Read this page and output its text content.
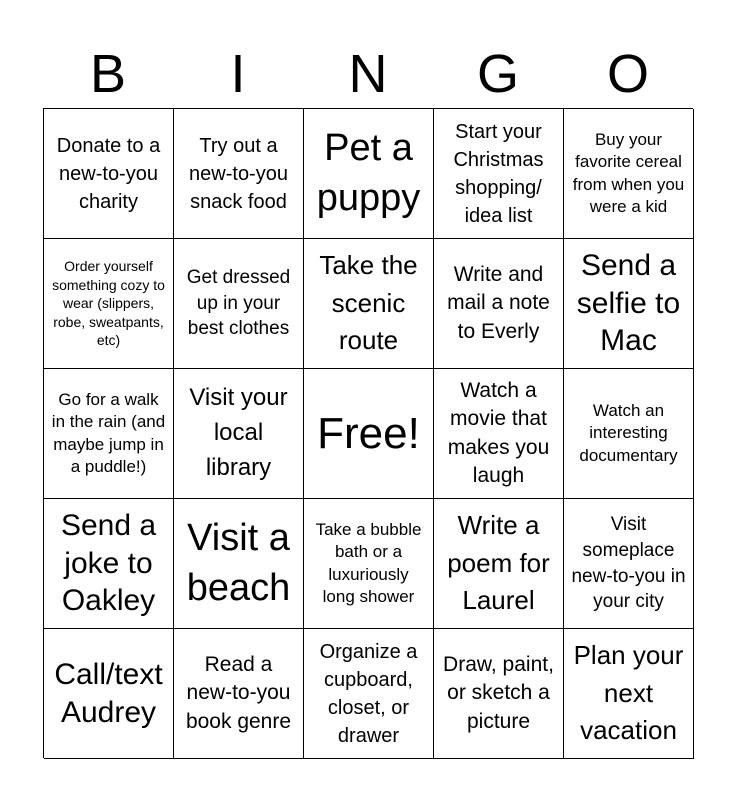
B	I	N	G	O
Donate to a new-to-you charity
Try out a new-to-you snack food
Pet a puppy
Start your Christmas shopping/ idea list
Buy your favorite cereal from when you were a kid
Order yourself something cozy to wear (slippers, robe, sweatpants, etc)
Get dressed up in your best clothes
Take the scenic route
Write and mail a note to Everly
Send a selfie to Mac
Go for a walk in the rain (and maybe jump in a puddle!)
Visit your local library
Free!
Watch a movie that makes you laugh
Watch an interesting documentary
Send a joke to Oakley
Visit a beach
Take a bubble bath or a luxuriously long shower
Write a poem for Laurel
Visit someplace new-to-you in your city
Call/text Audrey
Read a new-to-you book genre
Organize a cupboard, closet, or drawer
Draw, paint, or sketch a picture
Plan your next vacation
